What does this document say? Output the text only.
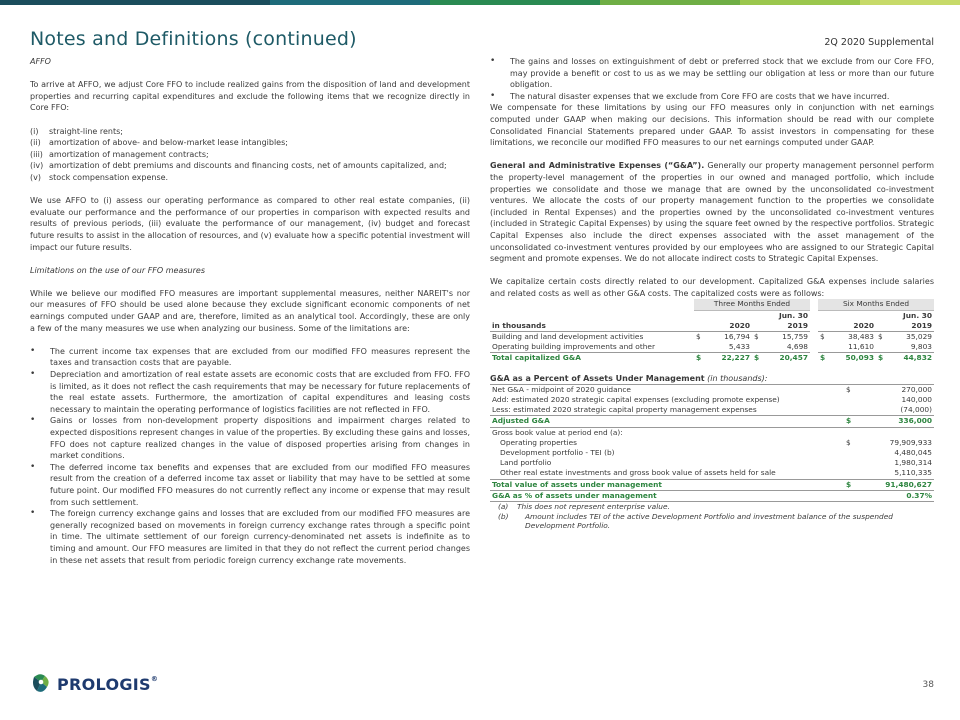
Notes and Definitions (continued)	2Q 2020 Supplemental

AFFO

To arrive at AFFO, we adjust Core FFO to include realized gains from the disposition of land and development properties and recurring capital expenditures and exclude the following items that we recognize directly in Core FFO:

(i)	straight-line rents;
(ii)	amortization of above- and below-market lease intangibles;
(iii) amortization of management contracts;
(iv) amortization of debt premiums and discounts and financing costs, net of amounts capitalized, and;
(v)	stock compensation expense.

We use AFFO to (i) assess our operating performance as compared to other real estate companies, (ii) evaluate our performance and the performance of our properties in comparison with expected results and results of previous periods, (iii) evaluate the performance of our management, (iv) budget and forecast future results to assist in the allocation of resources, and (v) evaluate how a specific potential investment will impact our future results.

Limitations on the use of our FFO measures

While we believe our modified FFO measures are important supplemental measures, neither NAREIT's nor our measures of FFO should be used alone because they exclude significant economic components of net earnings computed under GAAP and are, therefore, limited as an analytical tool. Accordingly, these are only a few of the many measures we use when analyzing our business. Some of the limitations are:

•	The current income tax expenses that are excluded from our modified FFO measures represent the taxes and transaction costs that are payable.
•	Depreciation and amortization of real estate assets are economic costs that are excluded from FFO. FFO is limited, as it does not reflect the cash requirements that may be necessary for future replacements of the real estate assets. Furthermore, the amortization of capital expenditures and leasing costs necessary to maintain the operating performance of logistics facilities are not reflected in FFO.
•	Gains or losses from non-development property dispositions and impairment charges related to expected dispositions represent changes in value of the properties. By excluding these gains and losses, FFO does not capture realized changes in the value of disposed properties arising from changes in market conditions.
•	The deferred income tax benefits and expenses that are excluded from our modified FFO measures result from the creation of a deferred income tax asset or liability that may have to be settled at some future point. Our modified FFO measures do not currently reflect any income or expense that may result from such settlement.
•	The foreign currency exchange gains and losses that are excluded from our modified FFO measures are generally recognized based on movements in foreign currency exchange rates through a specific point in time. The ultimate settlement of our foreign currency-denominated net assets is indefinite as to timing and amount. Our FFO measures are limited in that they do not reflect the current period changes in these net assets that result from periodic foreign currency exchange rate movements.
•	The gains and losses on extinguishment of debt or preferred stock that we exclude from our Core FFO, may provide a benefit or cost to us as we may be settling our obligation at less or more than our future obligation.
•	The natural disaster expenses that we exclude from Core FFO are costs that we have incurred.

We compensate for these limitations by using our FFO measures only in conjunction with net earnings computed under GAAP when making our decisions. This information should be read with our complete Consolidated Financial Statements prepared under GAAP. To assist investors in compensating for these limitations, we reconcile our modified FFO measures to our net earnings computed under GAAP.

General and Administrative Expenses (“G&A”). Generally our property management personnel perform the property-level management of the properties in our owned and managed portfolio, which include properties we consolidate and those we manage that are owned by the unconsolidated co-investment ventures. We allocate the costs of our property management function to the properties we consolidate (included in Rental Expenses) and the properties owned by the unconsolidated co-investment ventures (included in Strategic Capital Expenses) by using the square feet owned by the respective portfolios. Strategic Capital Expenses also include the direct expenses associated with the asset management of the unconsolidated co-investment ventures provided by our employees who are assigned to our Strategic Capital segment and promote expenses. We do not allocate indirect costs to Strategic Capital Expenses.

We capitalize certain costs directly related to our development. Capitalized G&A expenses include salaries and related costs as well as other G&A costs. The capitalized costs were as follows:

	Three Months Ended					Six Months Ended			
	Jun. 30					Jun. 30			
in thousands	2020		2019			2020		2019	
Building and land development activities	$	16,794	$	15,759		$	38,483	$	35,029
Operating building improvements and other		5,433		4,698			11,610		9,803
Total capitalized G&A	$	22,227	$	20,457		$	50,093	$	44,832

G&A as a Percent of Assets Under Management (in thousands):

Net G&A - midpoint of 2020 guidance	$	270,000
Add: estimated 2020 strategic capital expenses (excluding promote expense)		140,000
Less: estimated 2020 strategic capital property management expenses		(74,000)
Adjusted G&A	$	336,000
Gross book value at period end (a):		
Operating properties	$	79,909,933
Development portfolio - TEI (b)		4,480,045
Land portfolio		1,980,314
Other real estate investments and gross book value of assets held for sale		5,110,335
Total value of assets under management	$	91,480,627
G&A as % of assets under management		0.37%
(a)	This does not represent enterprise value.
(b)	Amount includes TEI of the active Development Portfolio and investment balance of the suspended Development Portfolio.
PROLOGIS®
38
